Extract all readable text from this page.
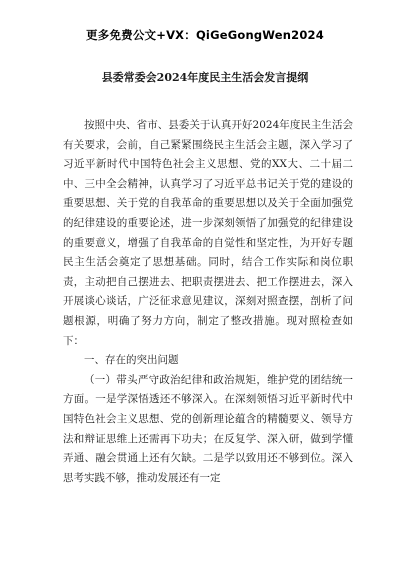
更多免费公文+VX：QiGeGongWen2024
县委常委会2024年度民主生活会发言提纲

按照中央、省市、县委关于认真开好2024年度民主生活会有关要求，会前，自己紧紧围绕民主生活会主题，深入学习了习近平新时代中国特色社会主义思想、党的XX大、二十届二中、三中全会精神，认真学习了习近平总书记关于党的建设的重要思想、关于党的自我革命的重要思想以及关于全面加强党的纪律建设的重要论述，进一步深刻领悟了加强党的纪律建设的重要意义，增强了自我革命的自觉性和坚定性，为开好专题民主生活会奠定了思想基础。同时，结合工作实际和岗位职责，主动把自己摆进去、把职责摆进去、把工作摆进去，深入开展谈心谈话，广泛征求意见建议，深刻对照查摆，剖析了问题根源，明确了努力方向，制定了整改措施。现对照检查如下：

一、存在的突出问题

（一）带头严守政治纪律和政治规矩，维护党的团结统一方面。一是学深悟透还不够深入。在深刻领悟习近平新时代中国特色社会主义思想、党的创新理论蕴含的精髓要义、领导方法和辩证思维上还需再下功夫；在反复学、深入研，做到学懂弄通、融会贯通上还有欠缺。二是学以致用还不够到位。深入思考实践不够，推动发展还有一定
